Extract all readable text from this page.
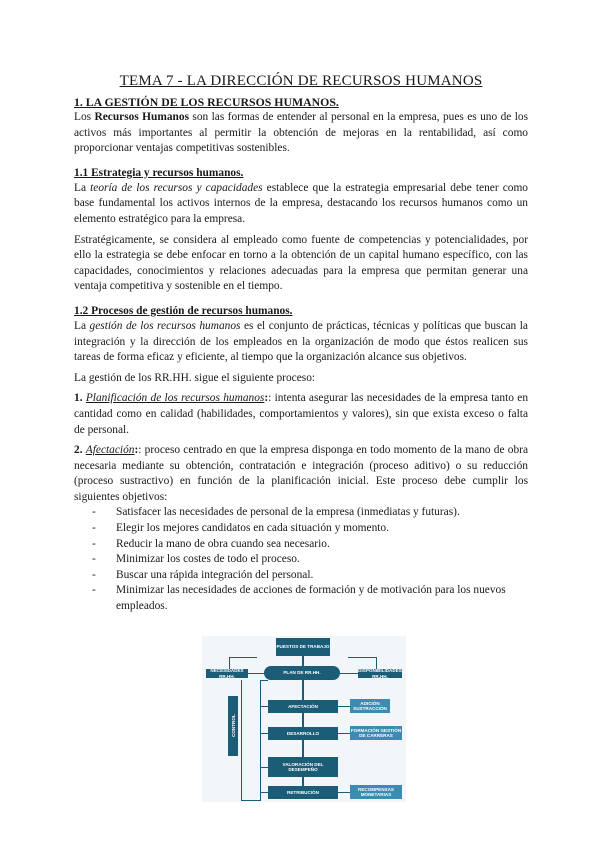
TEMA 7 - LA DIRECCIÓN DE RECURSOS HUMANOS
1. LA GESTIÓN DE LOS RECURSOS HUMANOS.

Los Recursos Humanos son las formas de entender al personal en la empresa, pues es uno de los activos más importantes al permitir la obtención de mejoras en la rentabilidad, así como proporcionar ventajas competitivas sostenibles.

1.1 Estrategia y recursos humanos.

La teoría de los recursos y capacidades establece que la estrategia empresarial debe tener como base fundamental los activos internos de la empresa, destacando los recursos humanos como un elemento estratégico para la empresa.

Estratégicamente, se considera al empleado como fuente de competencias y potencialidades, por ello la estrategia se debe enfocar en torno a la obtención de un capital humano específico, con las capacidades, conocimientos y relaciones adecuadas para la empresa que permitan generar una ventaja competitiva y sostenible en el tiempo.

1.2 Procesos de gestión de recursos humanos.

La gestión de los recursos humanos es el conjunto de prácticas, técnicas y políticas que buscan la integración y la dirección de los empleados en la organización de modo que éstos realicen sus tareas de forma eficaz y eficiente, al tiempo que la organización alcance sus objetivos.

La gestión de los RR.HH. sigue el siguiente proceso:

1. Planificación de los recursos humanos:: intenta asegurar las necesidades de la empresa tanto en cantidad como en calidad (habilidades, comportamientos y valores), sin que exista exceso o falta de personal.

2. Afectación:: proceso centrado en que la empresa disponga en todo momento de la mano de obra necesaria mediante su obtención, contratación e integración (proceso aditivo) o su reducción (proceso sustractivo) en función de la planificación inicial. Este proceso debe cumplir los siguientes objetivos:

- Satisfacer las necesidades de personal de la empresa (inmediatas y futuras).
- Elegir los mejores candidatos en cada situación y momento.
- Reducir la mano de obra cuando sea necesario.
- Minimizar los costes de todo el proceso.
- Buscar una rápida integración del personal.
- Minimizar las necesidades de acciones de formación y de motivación para los nuevos empleados.
PUESTOS DE TRABAJO
PLAN DE RR.HH.
NECESIDADES RR.HH.
DISPONIBILIDADES RR.HH.
CONTROL
AFECTACIÓN
ADICIÓN SUSTRACCIÓN
DESARROLLO
FORMACIÓN GESTIÓN DE CARRERAS
VALORACIÓN DEL DESEMPEÑO
RETRIBUCIÓN
RECOMPENSAS MONETARIAS
